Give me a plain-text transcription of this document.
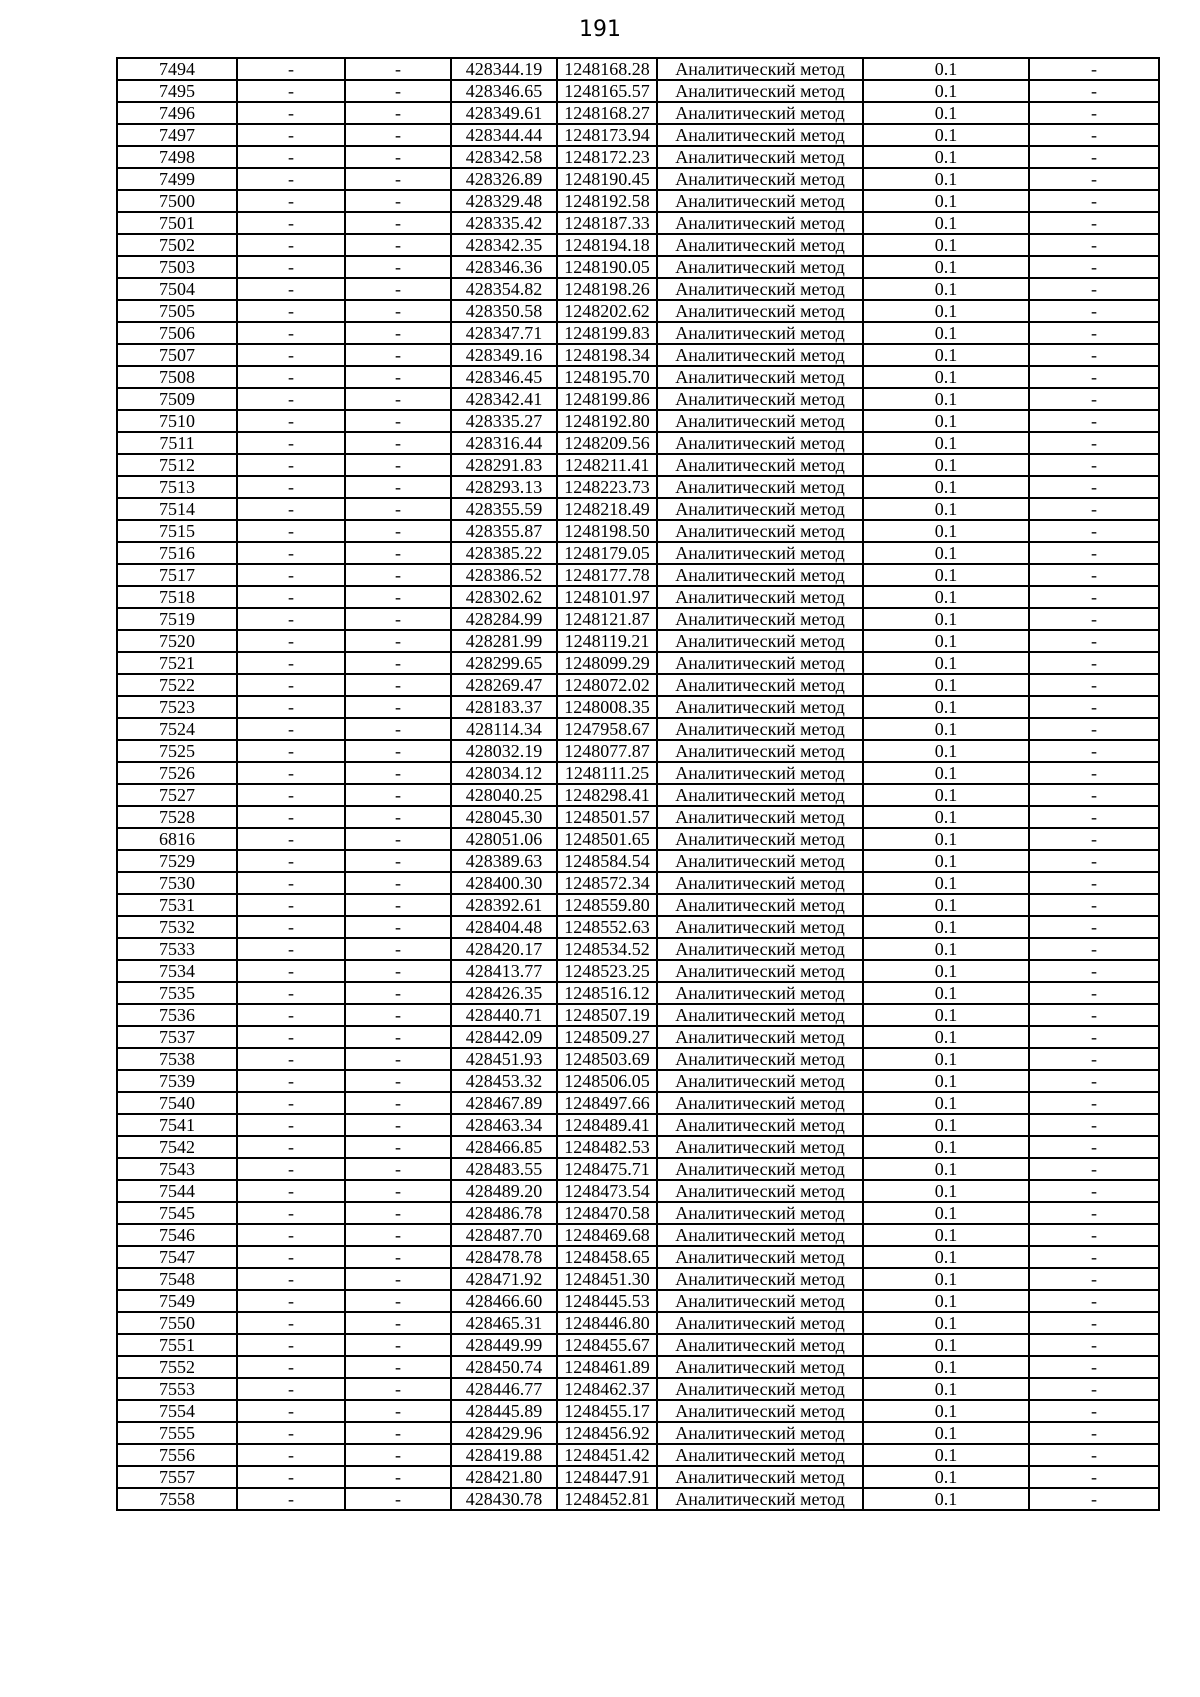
191
7494	-	-	428344.19	1248168.28	Аналитический метод	0.1	-
7495	-	-	428346.65	1248165.57	Аналитический метод	0.1	-
7496	-	-	428349.61	1248168.27	Аналитический метод	0.1	-
7497	-	-	428344.44	1248173.94	Аналитический метод	0.1	-
7498	-	-	428342.58	1248172.23	Аналитический метод	0.1	-
7499	-	-	428326.89	1248190.45	Аналитический метод	0.1	-
7500	-	-	428329.48	1248192.58	Аналитический метод	0.1	-
7501	-	-	428335.42	1248187.33	Аналитический метод	0.1	-
7502	-	-	428342.35	1248194.18	Аналитический метод	0.1	-
7503	-	-	428346.36	1248190.05	Аналитический метод	0.1	-
7504	-	-	428354.82	1248198.26	Аналитический метод	0.1	-
7505	-	-	428350.58	1248202.62	Аналитический метод	0.1	-
7506	-	-	428347.71	1248199.83	Аналитический метод	0.1	-
7507	-	-	428349.16	1248198.34	Аналитический метод	0.1	-
7508	-	-	428346.45	1248195.70	Аналитический метод	0.1	-
7509	-	-	428342.41	1248199.86	Аналитический метод	0.1	-
7510	-	-	428335.27	1248192.80	Аналитический метод	0.1	-
7511	-	-	428316.44	1248209.56	Аналитический метод	0.1	-
7512	-	-	428291.83	1248211.41	Аналитический метод	0.1	-
7513	-	-	428293.13	1248223.73	Аналитический метод	0.1	-
7514	-	-	428355.59	1248218.49	Аналитический метод	0.1	-
7515	-	-	428355.87	1248198.50	Аналитический метод	0.1	-
7516	-	-	428385.22	1248179.05	Аналитический метод	0.1	-
7517	-	-	428386.52	1248177.78	Аналитический метод	0.1	-
7518	-	-	428302.62	1248101.97	Аналитический метод	0.1	-
7519	-	-	428284.99	1248121.87	Аналитический метод	0.1	-
7520	-	-	428281.99	1248119.21	Аналитический метод	0.1	-
7521	-	-	428299.65	1248099.29	Аналитический метод	0.1	-
7522	-	-	428269.47	1248072.02	Аналитический метод	0.1	-
7523	-	-	428183.37	1248008.35	Аналитический метод	0.1	-
7524	-	-	428114.34	1247958.67	Аналитический метод	0.1	-
7525	-	-	428032.19	1248077.87	Аналитический метод	0.1	-
7526	-	-	428034.12	1248111.25	Аналитический метод	0.1	-
7527	-	-	428040.25	1248298.41	Аналитический метод	0.1	-
7528	-	-	428045.30	1248501.57	Аналитический метод	0.1	-
6816	-	-	428051.06	1248501.65	Аналитический метод	0.1	-
7529	-	-	428389.63	1248584.54	Аналитический метод	0.1	-
7530	-	-	428400.30	1248572.34	Аналитический метод	0.1	-
7531	-	-	428392.61	1248559.80	Аналитический метод	0.1	-
7532	-	-	428404.48	1248552.63	Аналитический метод	0.1	-
7533	-	-	428420.17	1248534.52	Аналитический метод	0.1	-
7534	-	-	428413.77	1248523.25	Аналитический метод	0.1	-
7535	-	-	428426.35	1248516.12	Аналитический метод	0.1	-
7536	-	-	428440.71	1248507.19	Аналитический метод	0.1	-
7537	-	-	428442.09	1248509.27	Аналитический метод	0.1	-
7538	-	-	428451.93	1248503.69	Аналитический метод	0.1	-
7539	-	-	428453.32	1248506.05	Аналитический метод	0.1	-
7540	-	-	428467.89	1248497.66	Аналитический метод	0.1	-
7541	-	-	428463.34	1248489.41	Аналитический метод	0.1	-
7542	-	-	428466.85	1248482.53	Аналитический метод	0.1	-
7543	-	-	428483.55	1248475.71	Аналитический метод	0.1	-
7544	-	-	428489.20	1248473.54	Аналитический метод	0.1	-
7545	-	-	428486.78	1248470.58	Аналитический метод	0.1	-
7546	-	-	428487.70	1248469.68	Аналитический метод	0.1	-
7547	-	-	428478.78	1248458.65	Аналитический метод	0.1	-
7548	-	-	428471.92	1248451.30	Аналитический метод	0.1	-
7549	-	-	428466.60	1248445.53	Аналитический метод	0.1	-
7550	-	-	428465.31	1248446.80	Аналитический метод	0.1	-
7551	-	-	428449.99	1248455.67	Аналитический метод	0.1	-
7552	-	-	428450.74	1248461.89	Аналитический метод	0.1	-
7553	-	-	428446.77	1248462.37	Аналитический метод	0.1	-
7554	-	-	428445.89	1248455.17	Аналитический метод	0.1	-
7555	-	-	428429.96	1248456.92	Аналитический метод	0.1	-
7556	-	-	428419.88	1248451.42	Аналитический метод	0.1	-
7557	-	-	428421.80	1248447.91	Аналитический метод	0.1	-
7558	-	-	428430.78	1248452.81	Аналитический метод	0.1	-
